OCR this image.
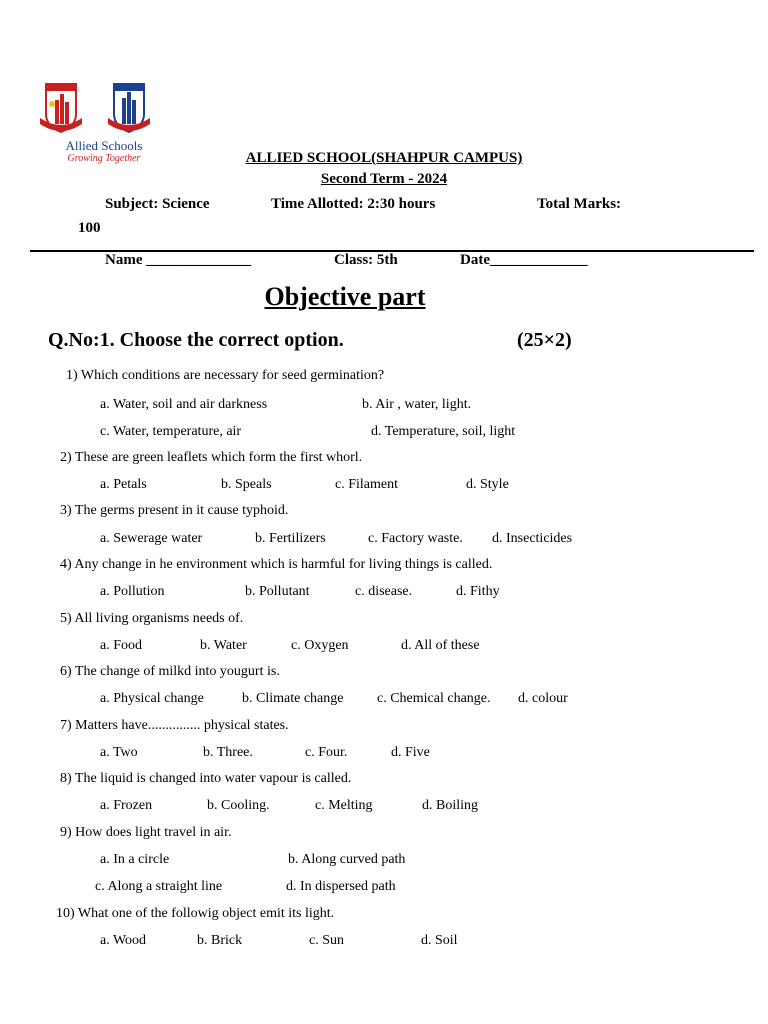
Allied Schools
Growing Together	ALLIED SCHOOL(SHAHPUR CAMPUS)
Second Term - 2024
Subject: Science	Time Allotted: 2:30 hours	Total Marks:
100
Name ______________	Class: 5th	Date_____________
Objective part
Q.No:1. Choose the correct option.	(25×2)
1) Which conditions are necessary for seed germination?
a. Water, soil and air darkness	b. Air , water, light.
c. Water, temperature, air	d. Temperature, soil, light
2) These are green leaflets which form the first whorl.
a. Petals	b. Speals	c. Filament	d. Style
3) The germs present in it cause typhoid.
a. Sewerage water	b. Fertilizers	c. Factory waste. d. Insecticides
4) Any change in he environment which is harmful for living things is called.
a. Pollution	b. Pollutant	c. disease.	d. Fithy
5) All living organisms needs of.
a. Food	b. Water	c. Oxygen	d. All of these
6) The change of milkd into yougurt is.
a. Physical change	b. Climate change c. Chemical change. d. colour
7) Matters have............... physical states.
a. Two	b. Three.	c. Four.	d. Five
8) The liquid is changed into water vapour is called.
a. Frozen	b. Cooling.	c. Melting	d. Boiling
9) How does light travel in air.
a. In a circle	b. Along curved path
c. Along a straight line	d. In dispersed path
10) What one of the followig object emit its light.
a. Wood	b. Brick	c. Sun	d. Soil
